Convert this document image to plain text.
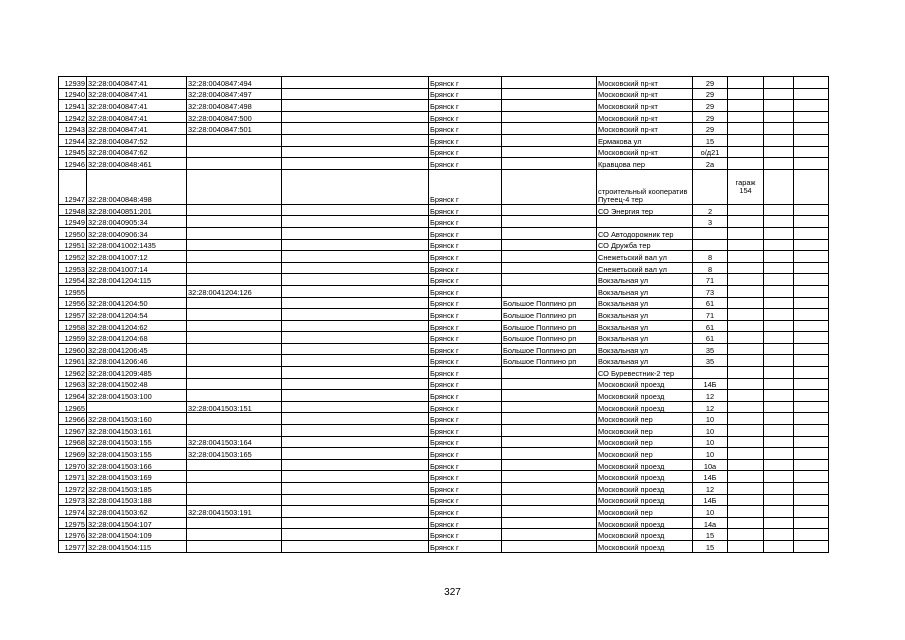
12939	32:28:0040847:41	32:28:0040847:494		Брянск г		Московский пр-кт	29			
12940	32:28:0040847:41	32:28:0040847:497		Брянск г		Московский пр-кт	29			
12941	32:28:0040847:41	32:28:0040847:498		Брянск г		Московский пр-кт	29			
12942	32:28:0040847:41	32:28:0040847:500		Брянск г		Московский пр-кт	29			
12943	32:28:0040847:41	32:28:0040847:501		Брянск г		Московский пр-кт	29			
12944	32:28:0040847:52			Брянск г		Ермакова ул	15			
12945	32:28:0040847:62			Брянск г		Московский пр-кт	о/д21			
12946	32:28:0040848:461			Брянск г		Кравцова пер	2а			
12947	32:28:0040848:498			Брянск г		строительный кооператив Путеец-4 тер		гараж 154		
12948	32:28:0040851:201			Брянск г		СО Энергия тер	2			
12949	32:28:0040905:34			Брянск г			3			
12950	32:28:0040906:34			Брянск г		СО Автодорожник тер				
12951	32:28:0041002:1435			Брянск г		СО Дружба тер				
12952	32:28:0041007:12			Брянск г		Снежетьский вал ул	8			
12953	32:28:0041007:14			Брянск г		Снежетьский вал ул	8			
12954	32:28:0041204:115			Брянск г		Вокзальная ул	71			
12955		32:28:0041204:126		Брянск г		Вокзальная ул	73			
12956	32:28:0041204:50			Брянск г	Большое Полпино рп	Вокзальная ул	61			
12957	32:28:0041204:54			Брянск г	Большое Полпино рп	Вокзальная ул	71			
12958	32:28:0041204:62			Брянск г	Большое Полпино рп	Вокзальная ул	61			
12959	32:28:0041204:68			Брянск г	Большое Полпино рп	Вокзальная ул	61			
12960	32:28:0041206:45			Брянск г	Большое Полпино рп	Вокзальная ул	35			
12961	32:28:0041206:46			Брянск г	Большое Полпино рп	Вокзальная ул	35			
12962	32:28:0041209:485			Брянск г		СО Буревестник-2 тер				
12963	32:28:0041502:48			Брянск г		Московский проезд	14Б			
12964	32:28:0041503:100			Брянск г		Московский проезд	12			
12965		32:28:0041503:151		Брянск г		Московский проезд	12			
12966	32:28:0041503:160			Брянск г		Московский пер	10			
12967	32:28:0041503:161			Брянск г		Московский пер	10			
12968	32:28:0041503:155	32:28:0041503:164		Брянск г		Московский пер	10			
12969	32:28:0041503:155	32:28:0041503:165		Брянск г		Московский пер	10			
12970	32:28:0041503:166			Брянск г		Московский проезд	10а			
12971	32:28:0041503:169			Брянск г		Московский проезд	14Б			
12972	32:28:0041503:185			Брянск г		Московский проезд	12			
12973	32:28:0041503:188			Брянск г		Московский проезд	14Б			
12974	32:28:0041503:62	32:28:0041503:191		Брянск г		Московский пер	10			
12975	32:28:0041504:107			Брянск г		Московский проезд	14а			
12976	32:28:0041504:109			Брянск г		Московский проезд	15			
12977	32:28:0041504:115			Брянск г		Московский проезд	15			
327
